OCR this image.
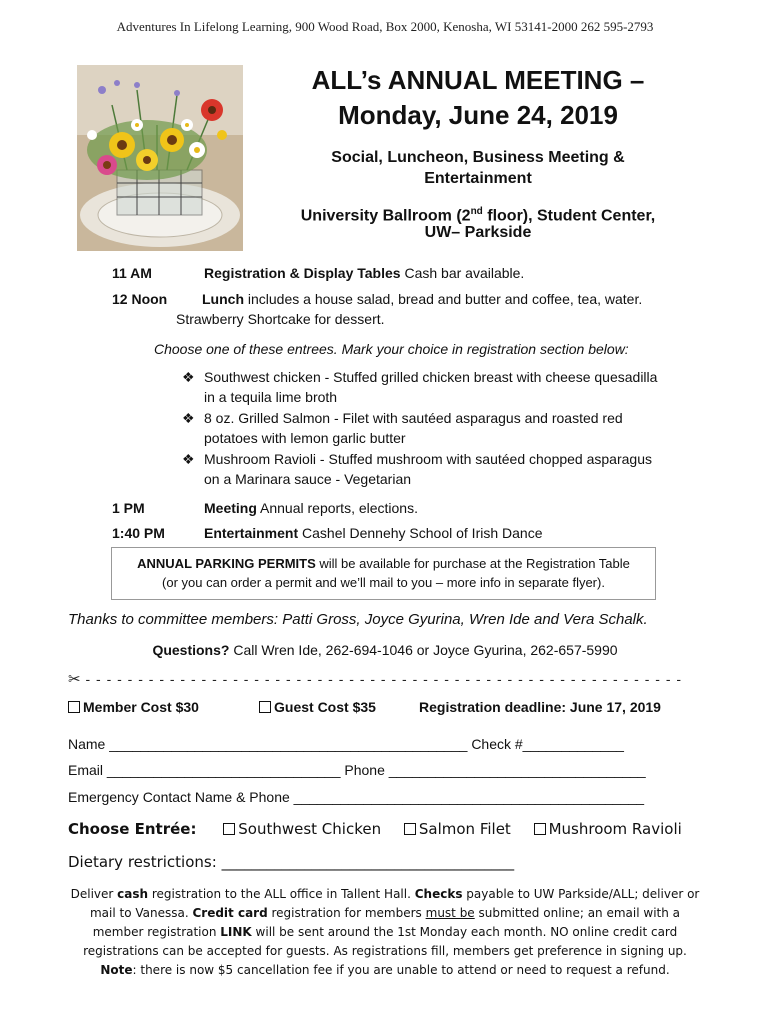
Adventures In Lifelong Learning, 900 Wood Road, Box 2000, Kenosha, WI 53141-2000 262 595-2793
ALL’s ANNUAL MEETING –
Monday, June 24, 2019
Social, Luncheon, Business Meeting &
Entertainment
University Ballroom (2nd floor), Student Center,
UW– Parkside
11 AM	Registration & Display Tables Cash bar available.
12 Noon Lunch includes a house salad, bread and butter and coffee, tea, water.
Strawberry Shortcake for dessert.
Choose one of these entrees. Mark your choice in registration section below:
❖ Southwest chicken - Stuffed grilled chicken breast with cheese quesadilla
in a tequila lime broth
❖ 8 oz. Grilled Salmon - Filet with sautéed asparagus and roasted red
potatoes with lemon garlic butter
❖ Mushroom Ravioli - Stuffed mushroom with sautéed chopped asparagus
on a Marinara sauce - Vegetarian
1 PM	Meeting Annual reports, elections.
1:40 PM	Entertainment Cashel Dennehy School of Irish Dance
ANNUAL PARKING PERMITS will be available for purchase at the Registration Table
(or you can order a permit and we’ll mail to you – more info in separate flyer).
Thanks to committee members: Patti Gross, Joyce Gyurina, Wren Ide and Vera Schalk.
Questions? Call Wren Ide, 262-694-1046 or Joyce Gyurina, 262-657-5990
✂ - - - - - - - - - - - - - - - - - - - - - - - - - - - - - - - - - - - - - - - - - - - - - - - - - - - - - - - - -
Member Cost $30	Guest Cost $35	Registration deadline: June 17, 2019
Name ______________________________________________ Check #_____________
Email ______________________________ Phone _________________________________
Emergency Contact Name & Phone _____________________________________________
Choose Entrée:	Southwest Chicken	Salmon Filet	Mushroom Ravioli
Dietary restrictions: _______________________________________
Deliver cash registration to the ALL office in Tallent Hall. Checks payable to UW Parkside/ALL; deliver or mail to Vanessa. Credit card registration for members must be submitted online; an email with a member registration LINK will be sent around the 1st Monday each month. NO online credit card registrations can be accepted for guests. As registrations fill, members get preference in signing up. Note: there is now $5 cancellation fee if you are unable to attend or need to request a refund.
